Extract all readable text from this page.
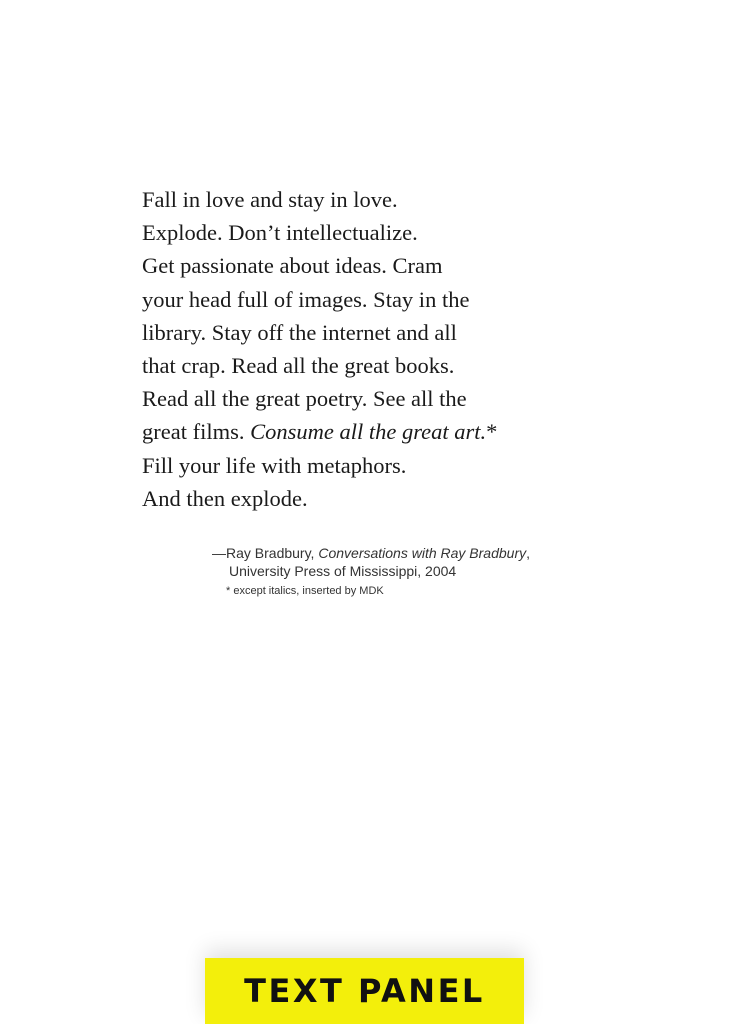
Fall in love and stay in love.
Explode. Don’t intellectualize.
Get passionate about ideas. Cram
your head full of images. Stay in the
library. Stay off the internet and all
that crap. Read all the great books.
Read all the great poetry. See all the
great films. Consume all the great art.*
Fill your life with metaphors.
And then explode.
—Ray Bradbury, Conversations with Ray Bradbury,
University Press of Mississippi, 2004
* except italics, inserted by MDK
TEXT PANEL
